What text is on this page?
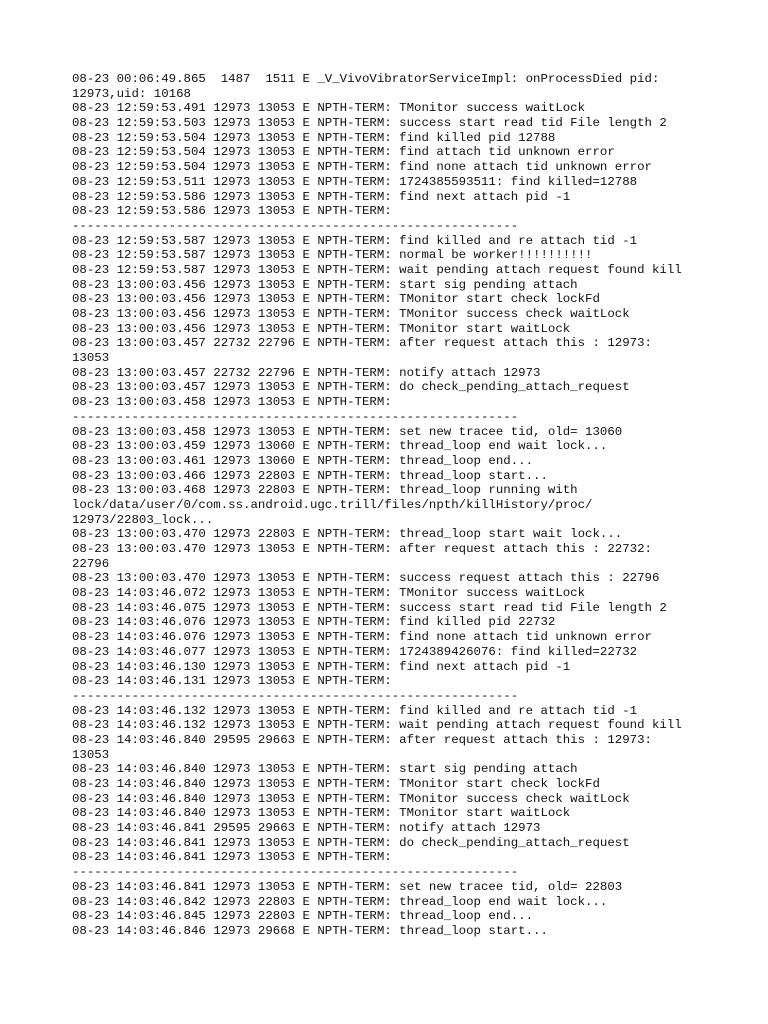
08-23 00:06:49.865  1487  1511 E _V_VivoVibratorServiceImpl: onProcessDied pid:
12973,uid: 10168
08-23 12:59:53.491 12973 13053 E NPTH-TERM: TMonitor success waitLock
08-23 12:59:53.503 12973 13053 E NPTH-TERM: success start read tid File length 2
08-23 12:59:53.504 12973 13053 E NPTH-TERM: find killed pid 12788
08-23 12:59:53.504 12973 13053 E NPTH-TERM: find attach tid unknown error
08-23 12:59:53.504 12973 13053 E NPTH-TERM: find none attach tid unknown error
08-23 12:59:53.511 12973 13053 E NPTH-TERM: 1724385593511: find killed=12788
08-23 12:59:53.586 12973 13053 E NPTH-TERM: find next attach pid -1
08-23 12:59:53.586 12973 13053 E NPTH-TERM:
------------------------------------------------------------
08-23 12:59:53.587 12973 13053 E NPTH-TERM: find killed and re attach tid -1
08-23 12:59:53.587 12973 13053 E NPTH-TERM: normal be worker!!!!!!!!!!
08-23 12:59:53.587 12973 13053 E NPTH-TERM: wait pending attach request found kill
08-23 13:00:03.456 12973 13053 E NPTH-TERM: start sig pending attach
08-23 13:00:03.456 12973 13053 E NPTH-TERM: TMonitor start check lockFd
08-23 13:00:03.456 12973 13053 E NPTH-TERM: TMonitor success check waitLock
08-23 13:00:03.456 12973 13053 E NPTH-TERM: TMonitor start waitLock
08-23 13:00:03.457 22732 22796 E NPTH-TERM: after request attach this : 12973:
13053
08-23 13:00:03.457 22732 22796 E NPTH-TERM: notify attach 12973
08-23 13:00:03.457 12973 13053 E NPTH-TERM: do check_pending_attach_request
08-23 13:00:03.458 12973 13053 E NPTH-TERM:
------------------------------------------------------------
08-23 13:00:03.458 12973 13053 E NPTH-TERM: set new tracee tid, old= 13060
08-23 13:00:03.459 12973 13060 E NPTH-TERM: thread_loop end wait lock...
08-23 13:00:03.461 12973 13060 E NPTH-TERM: thread_loop end...
08-23 13:00:03.466 12973 22803 E NPTH-TERM: thread_loop start...
08-23 13:00:03.468 12973 22803 E NPTH-TERM: thread_loop running with
lock/data/user/0/com.ss.android.ugc.trill/files/npth/killHistory/proc/
12973/22803_lock...
08-23 13:00:03.470 12973 22803 E NPTH-TERM: thread_loop start wait lock...
08-23 13:00:03.470 12973 13053 E NPTH-TERM: after request attach this : 22732:
22796
08-23 13:00:03.470 12973 13053 E NPTH-TERM: success request attach this : 22796
08-23 14:03:46.072 12973 13053 E NPTH-TERM: TMonitor success waitLock
08-23 14:03:46.075 12973 13053 E NPTH-TERM: success start read tid File length 2
08-23 14:03:46.076 12973 13053 E NPTH-TERM: find killed pid 22732
08-23 14:03:46.076 12973 13053 E NPTH-TERM: find none attach tid unknown error
08-23 14:03:46.077 12973 13053 E NPTH-TERM: 1724389426076: find killed=22732
08-23 14:03:46.130 12973 13053 E NPTH-TERM: find next attach pid -1
08-23 14:03:46.131 12973 13053 E NPTH-TERM:
------------------------------------------------------------
08-23 14:03:46.132 12973 13053 E NPTH-TERM: find killed and re attach tid -1
08-23 14:03:46.132 12973 13053 E NPTH-TERM: wait pending attach request found kill
08-23 14:03:46.840 29595 29663 E NPTH-TERM: after request attach this : 12973:
13053
08-23 14:03:46.840 12973 13053 E NPTH-TERM: start sig pending attach
08-23 14:03:46.840 12973 13053 E NPTH-TERM: TMonitor start check lockFd
08-23 14:03:46.840 12973 13053 E NPTH-TERM: TMonitor success check waitLock
08-23 14:03:46.840 12973 13053 E NPTH-TERM: TMonitor start waitLock
08-23 14:03:46.841 29595 29663 E NPTH-TERM: notify attach 12973
08-23 14:03:46.841 12973 13053 E NPTH-TERM: do check_pending_attach_request
08-23 14:03:46.841 12973 13053 E NPTH-TERM:
------------------------------------------------------------
08-23 14:03:46.841 12973 13053 E NPTH-TERM: set new tracee tid, old= 22803
08-23 14:03:46.842 12973 22803 E NPTH-TERM: thread_loop end wait lock...
08-23 14:03:46.845 12973 22803 E NPTH-TERM: thread_loop end...
08-23 14:03:46.846 12973 29668 E NPTH-TERM: thread_loop start...
